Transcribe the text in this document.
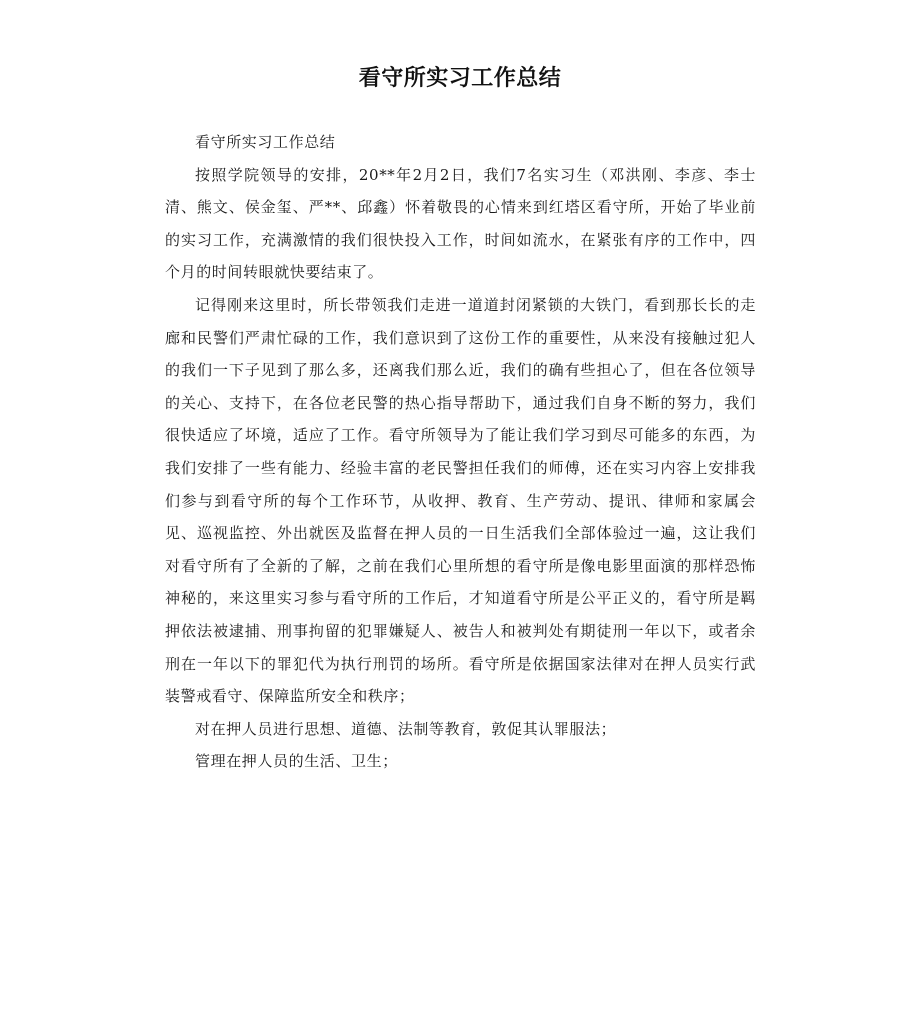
看守所实习工作总结

看守所实习工作总结

按照学院领导的安排，20**年2月2日，我们7名实习生（邓洪刚、李彦、李士清、熊文、侯金玺、严**、邱鑫）怀着敬畏的心情来到红塔区看守所，开始了毕业前的实习工作，充满激情的我们很快投入工作，时间如流水，在紧张有序的工作中，四个月的时间转眼就快要结束了。

记得刚来这里时，所长带领我们走进一道道封闭紧锁的大铁门，看到那长长的走廊和民警们严肃忙碌的工作，我们意识到了这份工作的重要性，从来没有接触过犯人的我们一下子见到了那么多，还离我们那么近，我们的确有些担心了，但在各位领导的关心、支持下，在各位老民警的热心指导帮助下，通过我们自身不断的努力，我们很快适应了坏境，适应了工作。看守所领导为了能让我们学习到尽可能多的东西，为我们安排了一些有能力、经验丰富的老民警担任我们的师傅，还在实习内容上安排我们参与到看守所的每个工作环节，从收押、教育、生产劳动、提讯、律师和家属会见、巡视监控、外出就医及监督在押人员的一日生活我们全部体验过一遍，这让我们对看守所有了全新的了解，之前在我们心里所想的看守所是像电影里面演的那样恐怖神秘的，来这里实习参与看守所的工作后，才知道看守所是公平正义的，看守所是羁押依法被逮捕、刑事拘留的犯罪嫌疑人、被告人和被判处有期徒刑一年以下，或者余刑在一年以下的罪犯代为执行刑罚的场所。看守所是依据国家法律对在押人员实行武装警戒看守、保障监所安全和秩序；

对在押人员进行思想、道德、法制等教育，敦促其认罪服法；

管理在押人员的生活、卫生；
